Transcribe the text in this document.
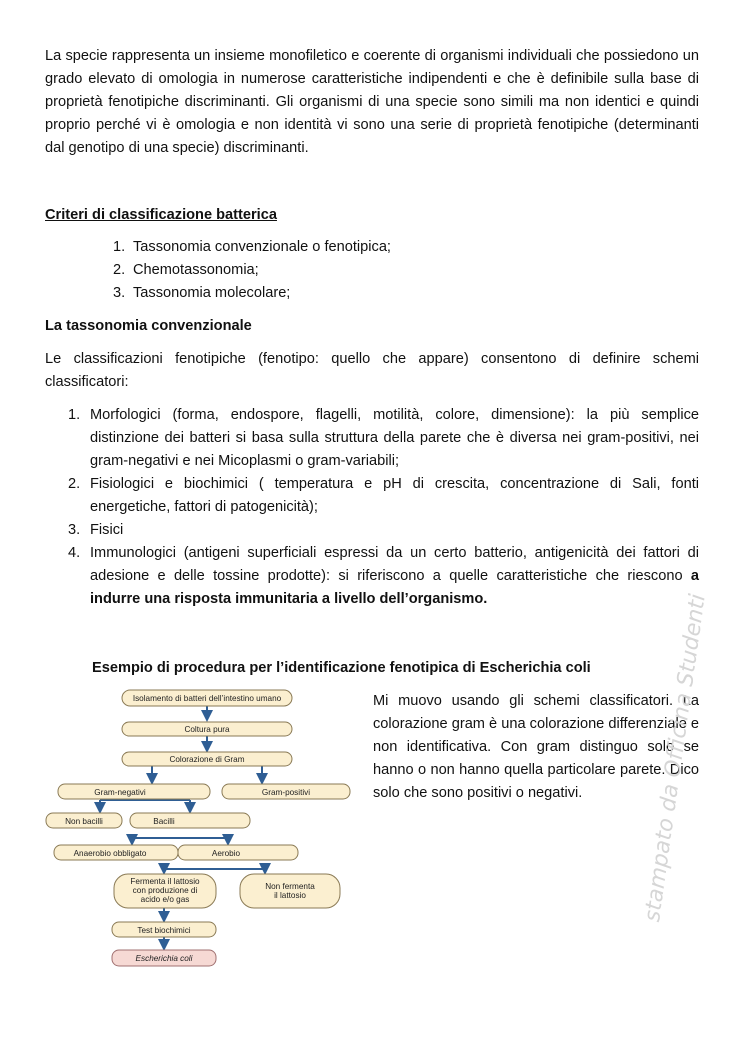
La specie rappresenta un insieme monofiletico e coerente di organismi individuali che possiedono un grado elevato di omologia in numerose caratteristiche indipendenti e che è definibile sulla base di proprietà fenotipiche discriminanti. Gli organismi di una specie sono simili ma non identici e quindi proprio perché vi è omologia e non identità vi sono una serie di proprietà fenotipiche (determinanti dal genotipo di una specie) discriminanti.

Criteri di classificazione batterica
1. Tassonomia convenzionale o fenotipica;
2. Chemotassonomia;
3. Tassonomia molecolare;
La tassonomia convenzionale

Le classificazioni fenotipiche (fenotipo: quello che appare) consentono di definire schemi classificatori:

1. Morfologici (forma, endospore, flagelli, motilità, colore, dimensione): la più semplice distinzione dei batteri si basa sulla struttura della parete che è diversa nei gram-positivi, nei gram-negativi e nei Micoplasmi o gram-variabili;
2. Fisiologici e biochimici ( temperatura e pH di crescita, concentrazione di Sali, fonti energetiche, fattori di patogenicità);
3. Fisici
4. Immunologici (antigeni superficiali espressi da un certo batterio, antigenicità dei fattori di adesione e delle tossine prodotte): si riferiscono a quelle caratteristiche che riescono a indurre una risposta immunitaria a livello dell’organismo.
Esempio di procedura per l’identificazione fenotipica di Escherichia coli
Isolamento di batteri dell’intestino umano
Coltura pura
Colorazione di Gram
Gram-negativi	Gram-positivi
Non bacilli	Bacilli
Anaerobio obbligato	Aerobio
Fermenta il lattosio
con produzione di
acido e/o gas
Non fermenta
il lattosio
Test biochimici
Escherichia coli

Mi muovo usando gli schemi classificatori. La colorazione gram è una colorazione differenziale e non identificativa. Con gram distinguo solo se hanno o non hanno quella particolare parete. Dico solo che sono positivi o negativi.	stampato da Officina Studenti
